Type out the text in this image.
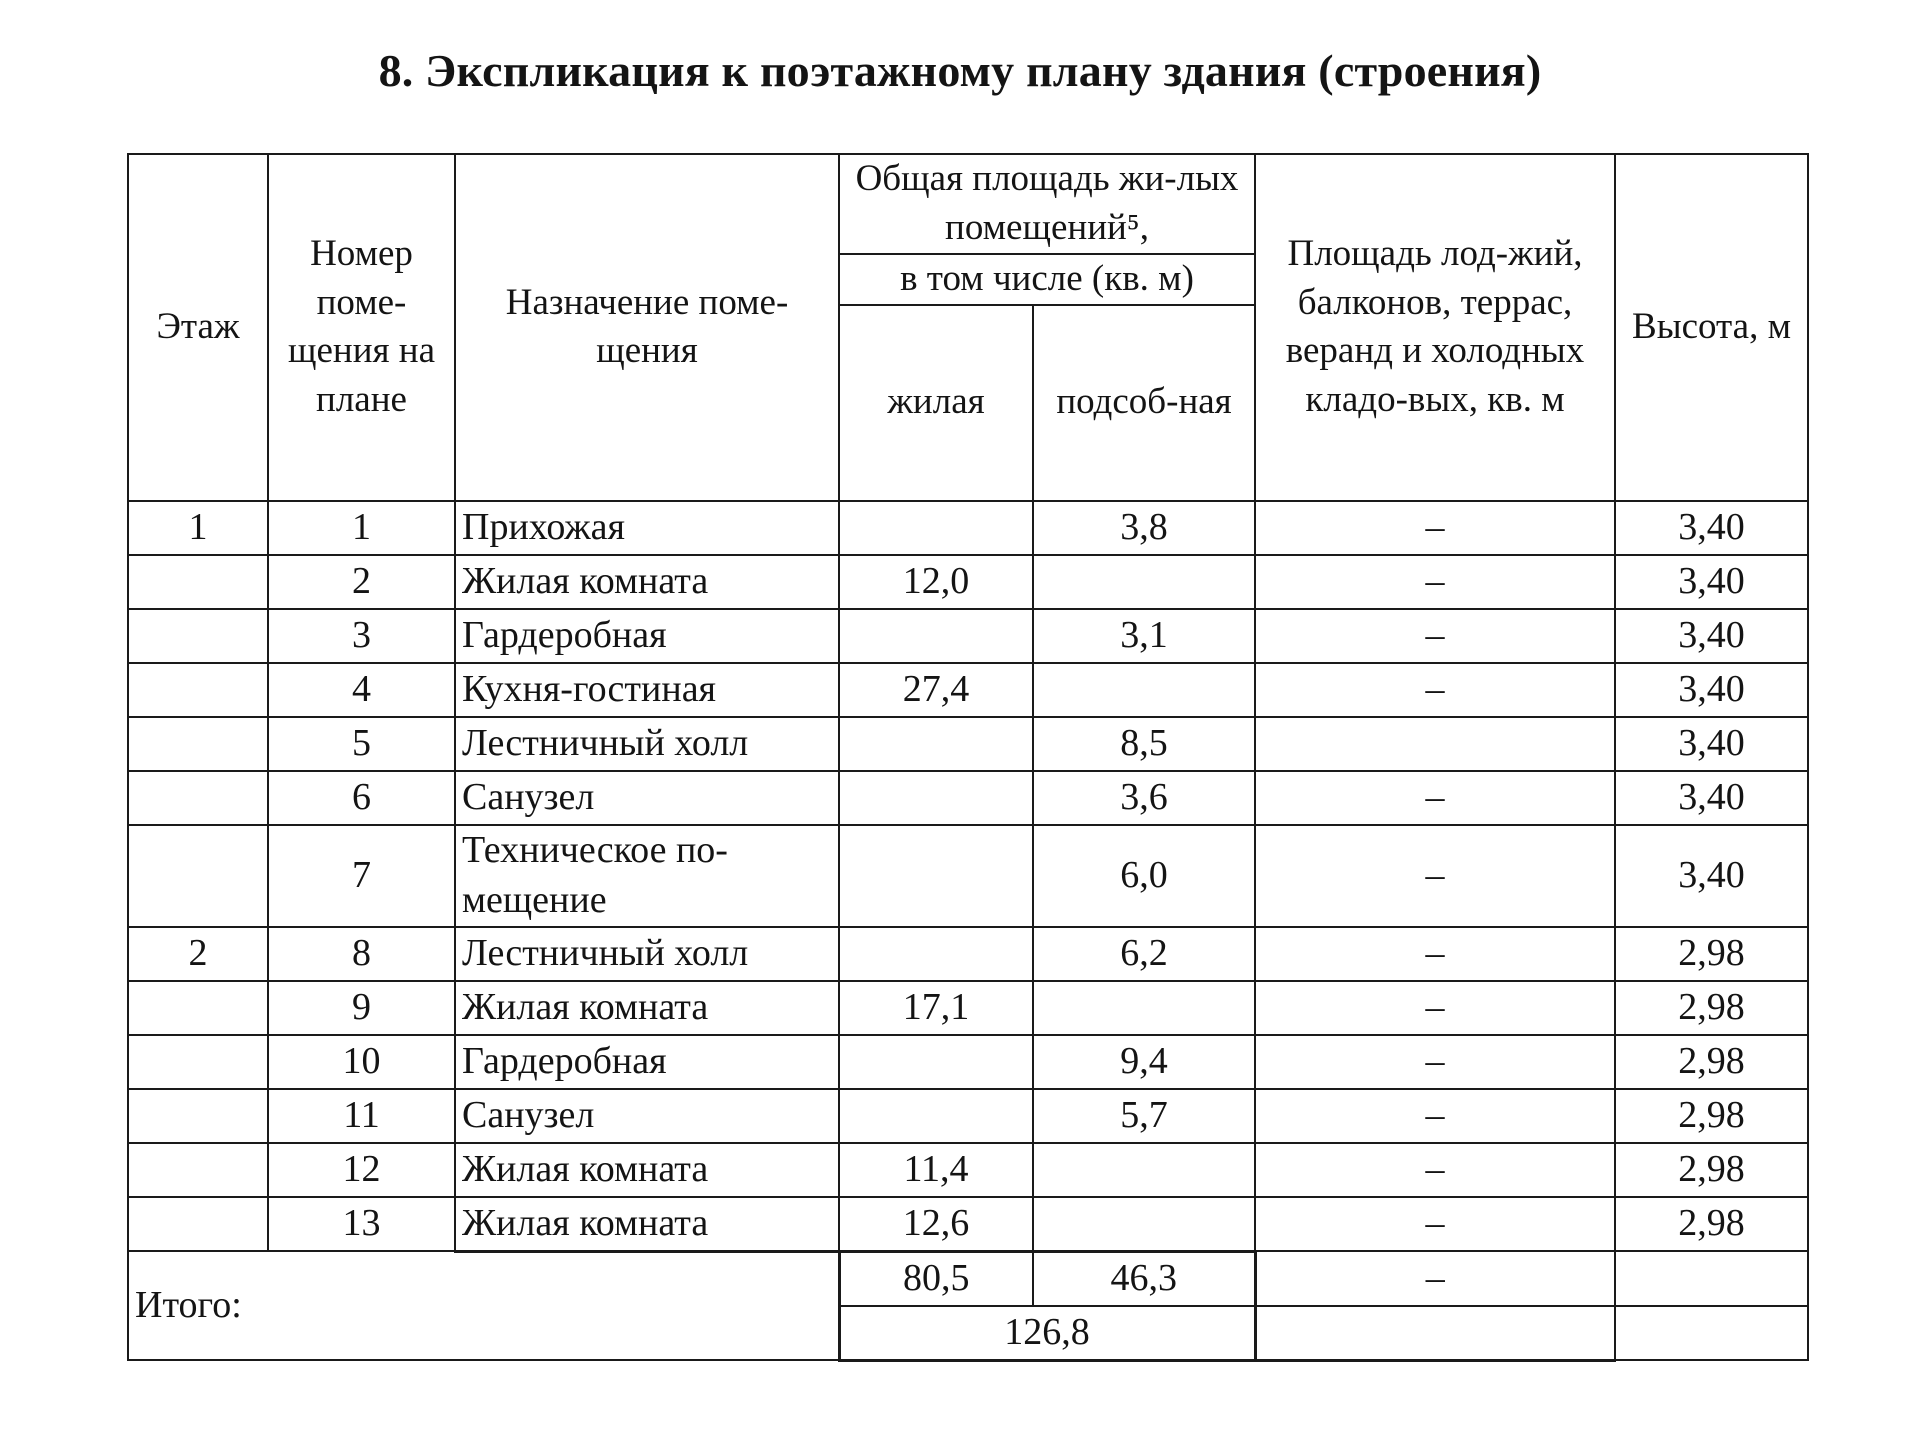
8. Экспликация к поэтажному плану здания (строения)
Этаж	Номер поме-щения на плане	Назначение поме-щения	Общая площадь жи-лых помещений⁵,		Площадь лод-жий, балконов, террас, веранд и холодных кладо-вых, кв. м	Высота, м
			в том числе (кв. м)			
			жилая	подсоб-ная		
1	1	Прихожая		3,8	–	3,40
	2	Жилая комната	12,0		–	3,40
	3	Гардеробная		3,1	–	3,40
	4	Кухня-гостиная	27,4		–	3,40
	5	Лестничный холл		8,5		3,40
	6	Санузел		3,6	–	3,40
	7	Техническое по-мещение		6,0	–	3,40
2	8	Лестничный холл		6,2	–	2,98
	9	Жилая комната	17,1		–	2,98
	10	Гардеробная		9,4	–	2,98
	11	Санузел		5,7	–	2,98
	12	Жилая комната	11,4		–	2,98
	13	Жилая комната	12,6		–	2,98
Итого:			80,5	46,3	–	
			126,8			
